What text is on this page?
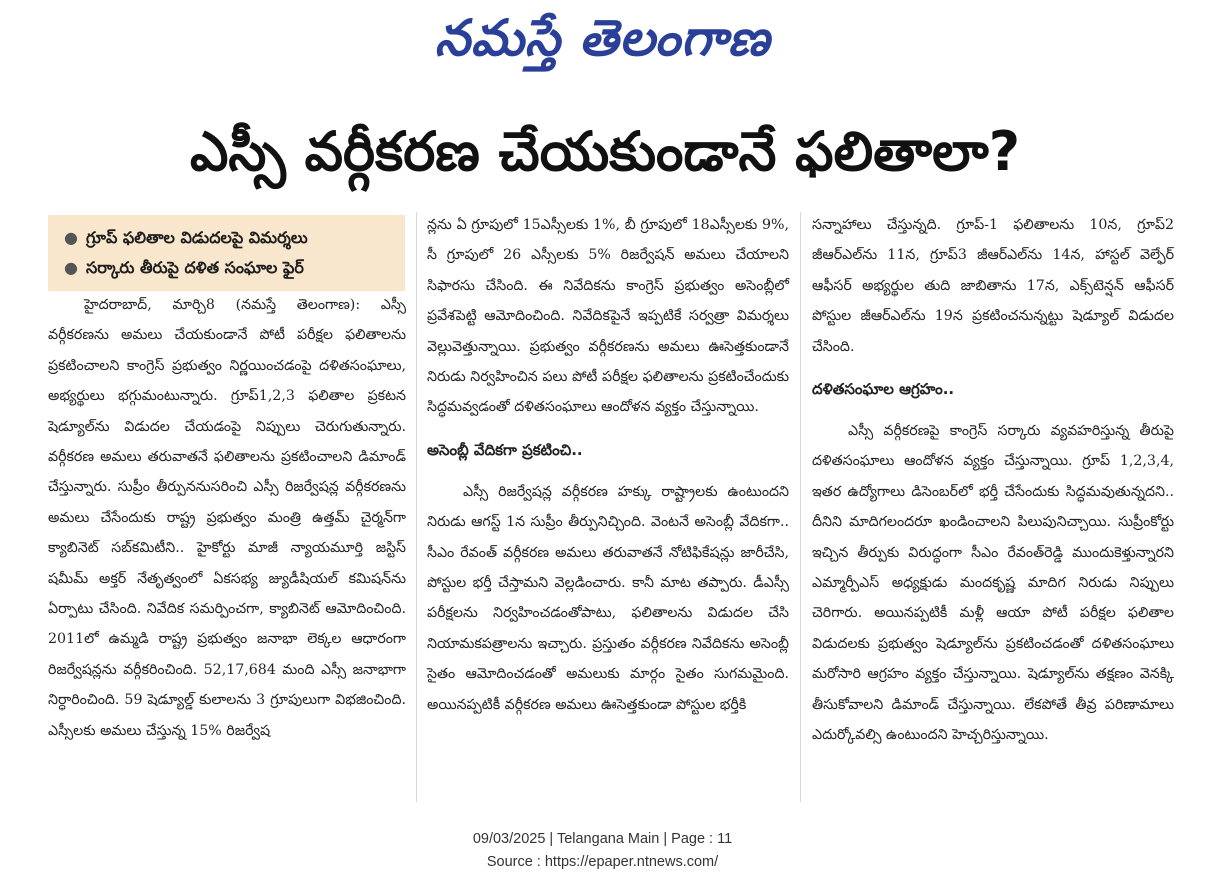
నమస్తే తెలంగాణ
ఎస్సీ వర్గీకరణ చేయకుండానే ఫలితాలా?
● గ్రూప్ ఫలితాల విడుదలపై విమర్శలు
● సర్కారు తీరుపై దళిత సంఘాల ఫైర్

హైదరాబాద్, మార్చి8 (నమస్తే తెలంగాణ): ఎస్సీ వర్గీకరణను అమలు చేయకుండానే పోటీ పరీక్షల ఫలితాలను ప్రకటించాలని కాంగ్రెస్ ప్రభుత్వం నిర్ణయించడంపై దళితసంఘాలు, అభ్యర్థులు భగ్గుమంటున్నారు. గ్రూప్1,2,3 ఫలితాల ప్రకటన షెడ్యూల్‌ను విడుదల చేయడంపై నిప్పులు చెరుగుతున్నారు. వర్గీకరణ అమలు తరువాతనే ఫలితాలను ప్రకటించాలని డిమాండ్ చేస్తున్నారు. సుప్రీం తీర్పుననుసరించి ఎస్సీ రిజర్వేషన్ల వర్గీకరణను అమలు చేసేందుకు రాష్ట్ర ప్రభుత్వం మంత్రి ఉత్తమ్ చైర్మన్‌గా క్యాబినెట్ సబ్‌కమిటీని.. హైకోర్టు మాజీ న్యాయమూర్తి జస్టిస్ షమీమ్ అక్తర్ నేతృత్వంలో ఏకసభ్య జ్యుడీషియల్ కమిషన్‌ను ఏర్పాటు చేసింది. నివేదిక సమర్పించగా, క్యాబినెట్ ఆమోదించింది. 2011లో ఉమ్మడి రాష్ట్ర ప్రభుత్వం జనాభా లెక్కల ఆధారంగా రిజర్వేషన్లను వర్గీకరించింది. 52,17,684 మంది ఎస్సీ జనాభాగా నిర్ధారించింది. 59 షెడ్యూల్డ్ కులాలను 3 గ్రూపులుగా విభజించింది. ఎస్సీలకు అమలు చేస్తున్న 15% రిజర్వేష

న్లను ఏ గ్రూపులో 15ఎస్సీలకు 1%, బీ గ్రూపులో 18ఎస్సీలకు 9%, సీ గ్రూపులో 26 ఎస్సీలకు 5% రిజర్వేషన్ అమలు చేయాలని సిఫారసు చేసింది. ఈ నివేదికను కాంగ్రెస్ ప్రభుత్వం అసెంబ్లీలో ప్రవేశపెట్టి ఆమోదించింది. నివేదికపైనే ఇప్పటికే సర్వత్రా విమర్శలు వెల్లువెత్తున్నాయి. ప్రభుత్వం వర్గీకరణను అమలు ఊసెత్తకుండానే నిరుడు నిర్వహించిన పలు పోటీ పరీక్షల ఫలితాలను ప్రకటించేందుకు సిద్ధమవ్వడంతో దళితసంఘాలు ఆందోళన వ్యక్తం చేస్తున్నాయి.

అసెంబ్లీ వేదికగా ప్రకటించి..

ఎస్సీ రిజర్వేషన్ల వర్గీకరణ హక్కు రాష్ట్రాలకు ఉంటుందని నిరుడు ఆగస్ట్ 1న సుప్రీం తీర్పునిచ్చింది. వెంటనే అసెంబ్లీ వేదికగా.. సీఎం రేవంత్ వర్గీకరణ అమలు తరువాతనే నోటిఫికేషన్లు జారీచేసి, పోస్టుల భర్తీ చేస్తామని వెల్లడించారు. కానీ మాట తప్పారు. డీఎస్సీ పరీక్షలను నిర్వహించడంతోపాటు, ఫలితాలను విడుదల చేసి నియామకపత్రాలను ఇచ్చారు. ప్రస్తుతం వర్గీకరణ నివేదికను అసెంబ్లీ సైతం ఆమోదించడంతో అమలుకు మార్గం సైతం సుగమమైంది. అయినప్పటికీ వర్గీకరణ అమలు ఊసెత్తకుండా పోస్టుల భర్తీకి

సన్నాహాలు చేస్తున్నది. గ్రూప్-1 ఫలితాలను 10న, గ్రూప్2 జీఆర్ఎల్‌ను 11న, గ్రూప్3 జీఆర్ఎల్‌ను 14న, హాస్టల్ వెల్ఫేర్ ఆఫీసర్ అభ్యర్థుల తుది జాబితాను 17న, ఎక్స్‌టెన్షన్ ఆఫీసర్ పోస్టుల జీఆర్ఎల్‌ను 19న ప్రకటించనున్నట్టు షెడ్యూల్ విడుదల చేసింది.

దళితసంఘాల ఆగ్రహం..

ఎస్సీ వర్గీకరణపై కాంగ్రెస్ సర్కారు వ్యవహరిస్తున్న తీరుపై దళితసంఘాలు ఆందోళన వ్యక్తం చేస్తున్నాయి. గ్రూప్ 1,2,3,4, ఇతర ఉద్యోగాలు డిసెంబర్‌లో భర్తీ చేసేందుకు సిద్ధమవుతున్నదని.. దీనిని మాదిగలందరూ ఖండించాలని పిలుపునిచ్చాయి. సుప్రీంకోర్టు ఇచ్చిన తీర్పుకు విరుద్ధంగా సీఎం రేవంత్‌రెడ్డి ముందుకెళ్తున్నారని ఎమ్మార్పీఎస్ అధ్యక్షుడు మందకృష్ణ మాదిగ నిరుడు నిప్పులు చెరిగారు. అయినప్పటికీ మళ్లీ ఆయా పోటీ పరీక్షల ఫలితాల విడుదలకు ప్రభుత్వం షెడ్యూల్‌ను ప్రకటించడంతో దళితసంఘాలు మరోసారి ఆగ్రహం వ్యక్తం చేస్తున్నాయి. షెడ్యూల్‌ను తక్షణం వెనక్కి తీసుకోవాలని డిమాండ్ చేస్తున్నాయి. లేకపోతే తీవ్ర పరిణామాలు ఎదుర్కోవల్సి ఉంటుందని హెచ్చరిస్తున్నాయి.

09/03/2025 | Telangana Main | Page : 11
Source : https://epaper.ntnews.com/
